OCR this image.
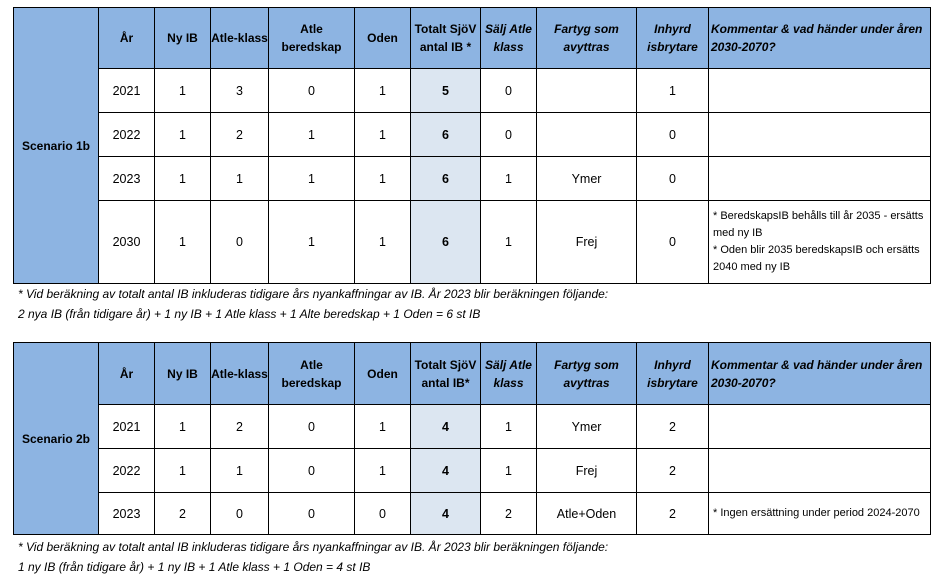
Scenario 1b	År	Ny IB	Atle-klass	Atle beredskap	Oden	Totalt SjöV antal IB *	Sälj Atle klass	Fartyg som avyttras	Inhyrd isbrytare	Kommentar & vad händer under åren 2030-2070?
	2021	1	3	0	1	5	0		1	
	2022	1	2	1	1	6	0		0	
	2023	1	1	1	1	6	1	Ymer	0	
	2030	1	0	1	1	6	1	Frej	0	* BeredskapsIB behålls till år 2035 - ersätts med ny IB

* Oden blir 2035 beredskapsIB och ersätts 2040 med ny IB

* Vid beräkning av totalt antal IB inkluderas tidigare års nyankaffningar av IB. År 2023 blir beräkningen följande:
2 nya IB (från tidigare år) + 1 ny IB + 1 Atle klass + 1 Alte beredskap + 1 Oden = 6 st IB
Scenario 2b	År	Ny IB	Atle-klass	Atle beredskap	Oden	Totalt SjöV antal IB*	Sälj Atle klass	Fartyg som avyttras	Inhyrd isbrytare	Kommentar & vad händer under åren 2030-2070?
	2021	1	2	0	1	4	1	Ymer	2	
	2022	1	1	0	1	4	1	Frej	2	
	2023	2	0	0	0	4	2	Atle+Oden	2	* Ingen ersättning under period 2024-2070

* Vid beräkning av totalt antal IB inkluderas tidigare års nyankaffningar av IB. År 2023 blir beräkningen följande:
1 ny IB (från tidigare år) + 1 ny IB + 1 Atle klass + 1 Oden = 4 st IB
